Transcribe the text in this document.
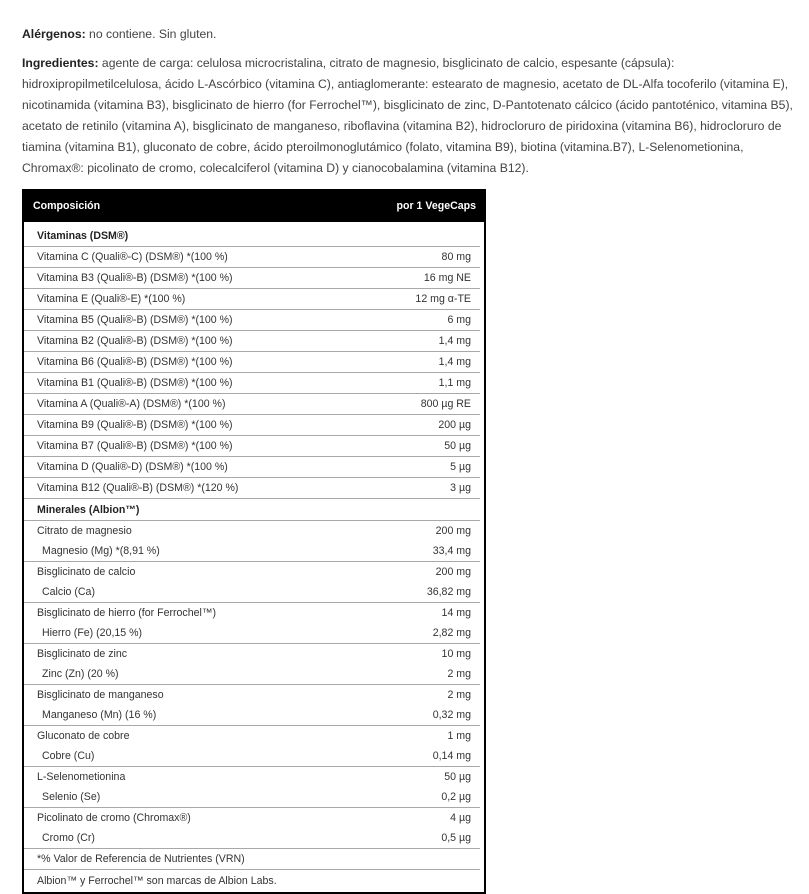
Alérgenos: no contiene. Sin gluten.

Ingredientes: agente de carga: celulosa microcristalina, citrato de magnesio, bisglicinato de calcio, espesante (cápsula): hidroxipropilmetilcelulosa, ácido L-Ascórbico (vitamina C), antiaglomerante: estearato de magnesio, acetato de DL-Alfa tocoferilo (vitamina E), nicotinamida (vitamina B3), bisglicinato de hierro (for Ferrochel™), bisglicinato de zinc, D-Pantotenato cálcico (ácido pantoténico, vitamina B5), acetato de retinilo (vitamina A), bisglicinato de manganeso, riboflavina (vitamina B2), hidrocloruro de piridoxina (vitamina B6), hidrocloruro de tiamina (vitamina B1), gluconato de cobre, ácido pteroilmonoglutámico (folato, vitamina B9), biotina (vitamina.B7), L-Selenometionina, Chromax®: picolinato de cromo, colecalciferol (vitamina D) y cianocobalamina (vitamina B12).

Composición	por 1 VegeCaps
Vitaminas (DSM®)
Vitamina C (Quali®-C) (DSM®) *(100 %)	80 mg
Vitamina B3 (Quali®-B) (DSM®) *(100 %)	16 mg NE
Vitamina E (Quali®-E) *(100 %)	12 mg α-TE
Vitamina B5 (Quali®-B) (DSM®) *(100 %)	6 mg
Vitamina B2 (Quali®-B) (DSM®) *(100 %)	1,4 mg
Vitamina B6 (Quali®-B) (DSM®) *(100 %)	1,4 mg
Vitamina B1 (Quali®-B) (DSM®) *(100 %)	1,1 mg
Vitamina A (Quali®-A) (DSM®) *(100 %)	800 µg RE
Vitamina B9 (Quali®-B) (DSM®) *(100 %)	200 µg
Vitamina B7 (Quali®-B) (DSM®) *(100 %)	50 µg
Vitamina D (Quali®-D) (DSM®) *(100 %)	5 µg
Vitamina B12 (Quali®-B) (DSM®) *(120 %)	3 µg
Minerales (Albion™)
Citrato de magnesio	200 mg
Magnesio (Mg) *(8,91 %)	33,4 mg
Bisglicinato de calcio	200 mg
Calcio (Ca)	36,82 mg
Bisglicinato de hierro (for Ferrochel™)	14 mg
Hierro (Fe) (20,15 %)	2,82 mg
Bisglicinato de zinc	10 mg
Zinc (Zn) (20 %)	2 mg
Bisglicinato de manganeso	2 mg
Manganeso (Mn) (16 %)	0,32 mg
Gluconato de cobre	1 mg
Cobre (Cu)	0,14 mg
L-Selenometionina	50 µg
Selenio (Se)	0,2 µg
Picolinato de cromo (Chromax®)	4 µg
Cromo (Cr)	0,5 µg
*% Valor de Referencia de Nutrientes (VRN)
Albion™ y Ferrochel™ son marcas de Albion Labs.
